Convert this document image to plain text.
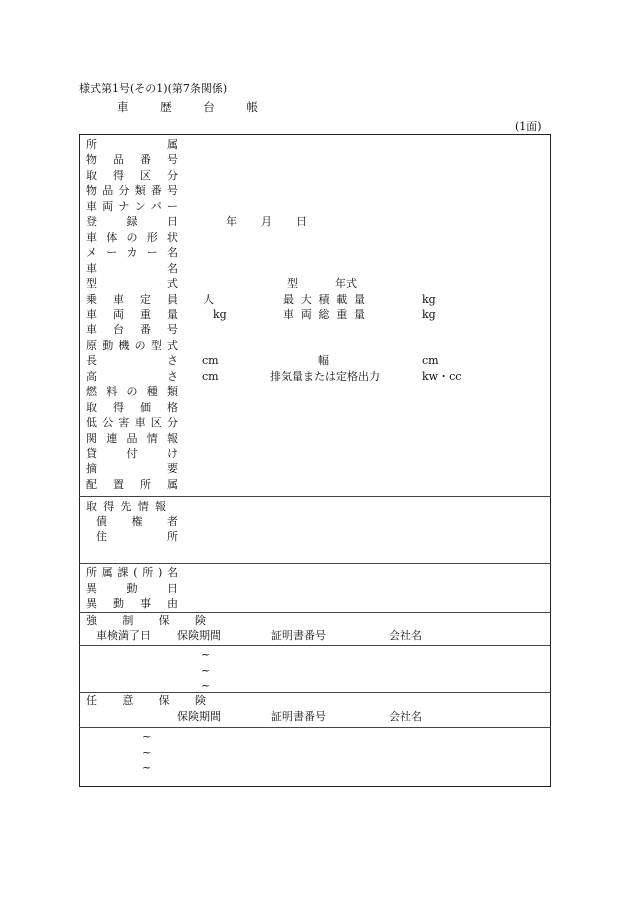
様式第1号(その1)(第7条関係)
車 歴 台 帳
(1面)
所	属
物 品 番 号
取 得 区 分
物 品 分 類 番 号
車 両 ナ ン バ ー
登	録	日	年 月 日
車 体 の 形 状
メ ー カ ー 名
車	名
型	式	型	年式
乗 車 定 員 人	最 大 積 載 量	kg
車 両 重 量	kg	車 両 総 重 量	kg
車 台 番 号
原 動 機 の 型 式
長	さ cm	幅	cm
高	さ cm	排気量または定格出力	kw・cc
燃 料 の 種 類
取 得 価 格
低 公 害 車 区 分
関 連 品 情 報
貸	付	け
摘	要
配 置 所 属
取 得 先 情 報
債 権 者
住	所
所 属 課 ( 所 ) 名
異	動	日
異 動 事 由
強 制 保 険
車検満了日 保険期間	証明書番号	会社名
~
~
~
任 意 保 険
保険期間	証明書番号	会社名
~
~
~
